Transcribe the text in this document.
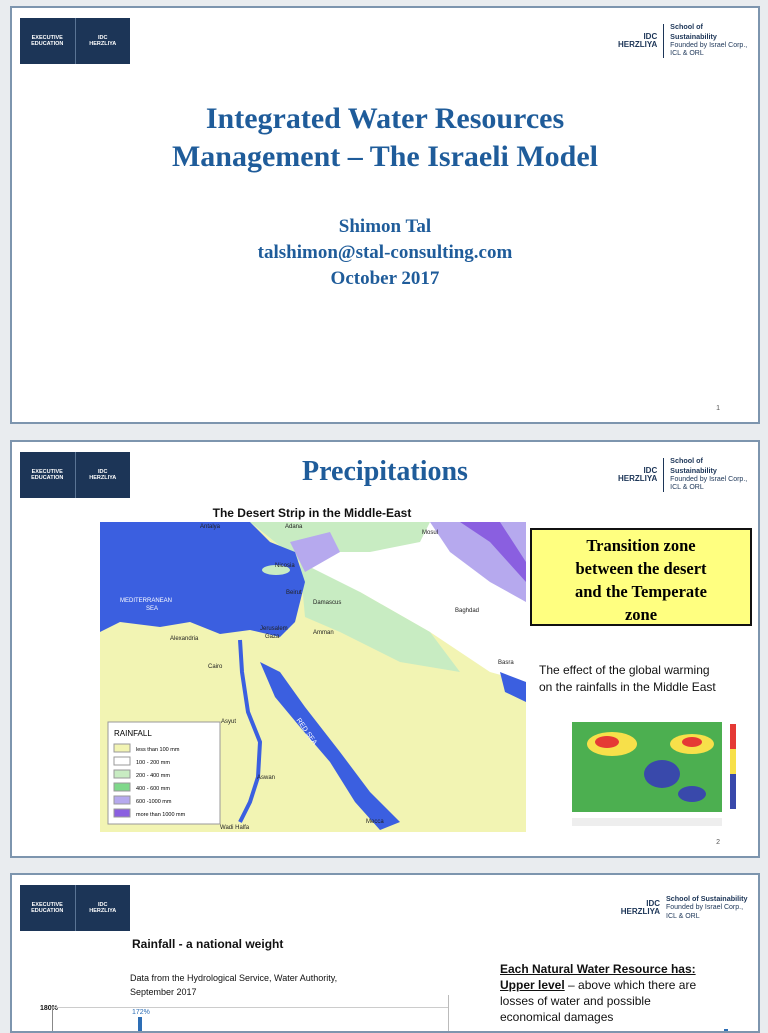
EXECUTIVE
EDUCATION
IDC
HERZLIYA
IDC
HERZLIYA
School of Sustainability
Founded by Israel Corp.,
ICL & ORL
Integrated Water Resources
Management – The Israeli Model
Shimon Tal
talshimon@stal-consulting.com
October 2017
1
EXECUTIVE
EDUCATION
IDC
HERZLIYA
IDC
HERZLIYA
School of Sustainability
Founded by Israel Corp.,
ICL & ORL
Precipitations
The Desert Strip in the Middle-East
RAINFALL
less than 100 mm
100 - 200 mm
200 - 400 mm
400 - 600 mm
600 -1000 mm
more than 1000 mm
MEDITERRANEAN
SEA
RED SEA
Antalya	Adana
Nicosia
Beirut
Damascus
Baghdad
Jerusalem
Gaza
Amman
Alexandria
Cairo
Basra
Asyut
Aswan
Wadi Halfa
Mecca
Mosul
Transition zone
between the desert
and the Temperate
zone
The effect of the global warming
on the rainfalls in the Middle East
2
EXECUTIVE
EDUCATION
IDC
HERZLIYA
IDC
HERZLIYA
School of Sustainability
Founded by Israel Corp.,
ICL & ORL
Rainfall - a national weight
Data from the Hydrological Service, Water Authority,
September 2017
180%
172%
Each Natural Water Resource has:
Upper level – above which there are
losses of water and possible
economical damages
